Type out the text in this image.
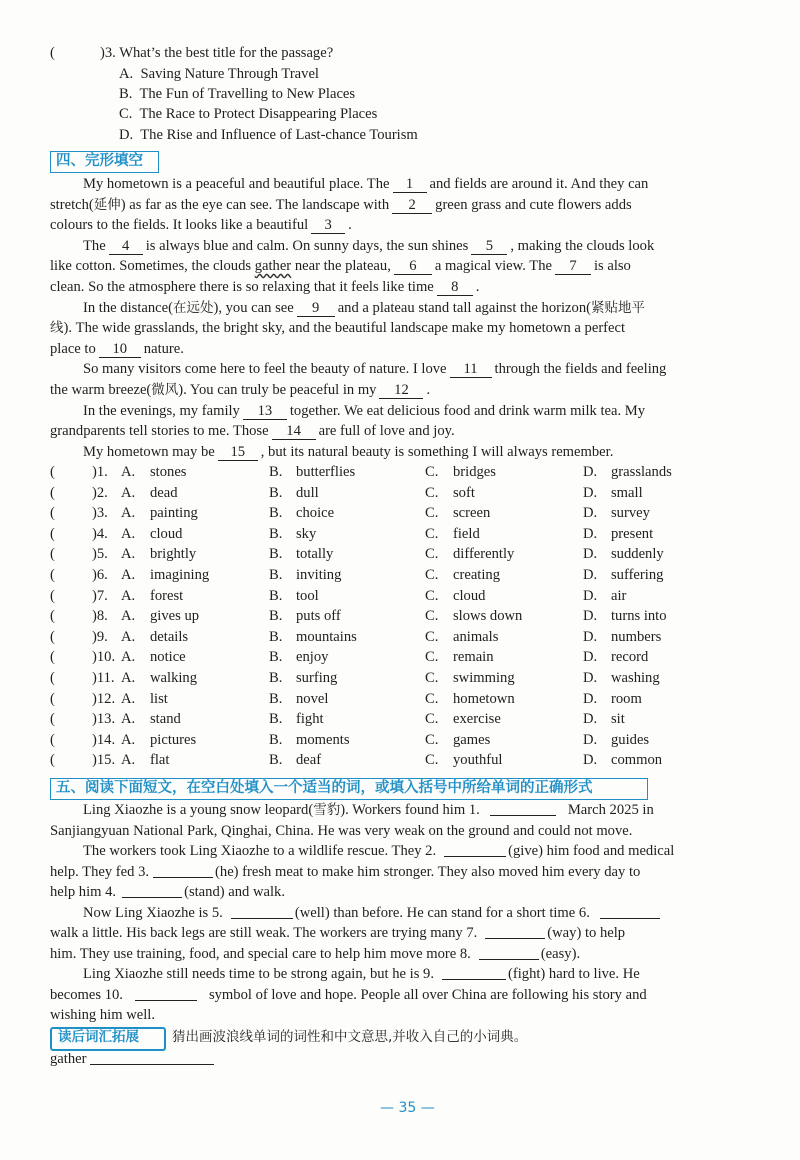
(	)3. What’s the best title for the passage?
A. Saving Nature Through Travel
B. The Fun of Travelling to New Places
C. The Race to Protect Disappearing Places
D. The Rise and Influence of Last-chance Tourism
四、完形填空
My hometown is a peaceful and beautiful place. The 1 and fields are around it. And they can
stretch(延伸) as far as the eye can see. The landscape with 2 green grass and cute flowers adds
colours to the fields. It looks like a beautiful 3 .
The 4 is always blue and calm. On sunny days, the sun shines 5 , making the clouds look
like cotton. Sometimes, the clouds gather near the plateau, 6 a magical view. The 7 is also
clean. So the atmosphere there is so relaxing that it feels like time 8 .
In the distance(在远处), you can see 9 and a plateau stand tall against the horizon(紧贴地平
线). The wide grasslands, the bright sky, and the beautiful landscape make my hometown a perfect
place to 10 nature.
So many visitors come here to feel the beauty of nature. I love 11 through the fields and feeling
the warm breeze(微风). You can truly be peaceful in my 12 .
In the evenings, my family 13 together. We eat delicious food and drink warm milk tea. My
grandparents tell stories to me. Those 14 are full of love and joy.
My hometown may be 15 , but its natural beauty is something I will always remember.
(	)1. A. stones	B. butterflies	C. bridges	D. grasslands
(	)2. A. dead	B. dull	C. soft	D. small
(	)3. A. painting	B. choice	C. screen	D. survey
(	)4. A. cloud	B. sky	C. field	D. present
(	)5. A. brightly	B. totally	C. differently	D. suddenly
(	)6. A. imagining	B. inviting	C. creating	D. suffering
(	)7. A. forest	B. tool	C. cloud	D. air
(	)8. A. gives up	B. puts off	C. slows down	D. turns into
(	)9. A. details	B. mountains	C. animals	D. numbers
(	)10. A. notice	B. enjoy	C. remain	D. record
(	)11. A. walking	B. surfing	C. swimming	D. washing
(	)12. A. list	B. novel	C. hometown	D. room
(	)13. A. stand	B. fight	C. exercise	D. sit
(	)14. A. pictures	B. moments	C. games	D. guides
(	)15. A. flat	B. deaf	C. youthful	D. common
五、阅读下面短文，在空白处填入一个适当的词，或填入括号中所给单词的正确形式
Ling Xiaozhe is a young snow leopard(雪豹). Workers found him 1.	March 2025 in
Sanjiangyuan National Park, Qinghai, China. He was very weak on the ground and could not move.
The workers took Ling Xiaozhe to a wildlife rescue. They 2.	(give) him food and medical
help. They fed 3.	(he) fresh meat to make him stronger. They also moved him every day to
help him 4.	(stand) and walk.
Now Ling Xiaozhe is 5.	(well) than before. He can stand for a short time 6.
walk a little. His back legs are still weak. The workers are trying many 7.	(way) to help
him. They use training, food, and special care to help him move more 8.	(easy).
Ling Xiaozhe still needs time to be strong again, but he is 9.	(fight) hard to live. He
becomes 10.	symbol of love and hope. People all over China are following his story and
wishing him well.
读后词汇拓展 猜出画波浪线单词的词性和中文意思,并收入自己的小词典。
gather
— 35 —
